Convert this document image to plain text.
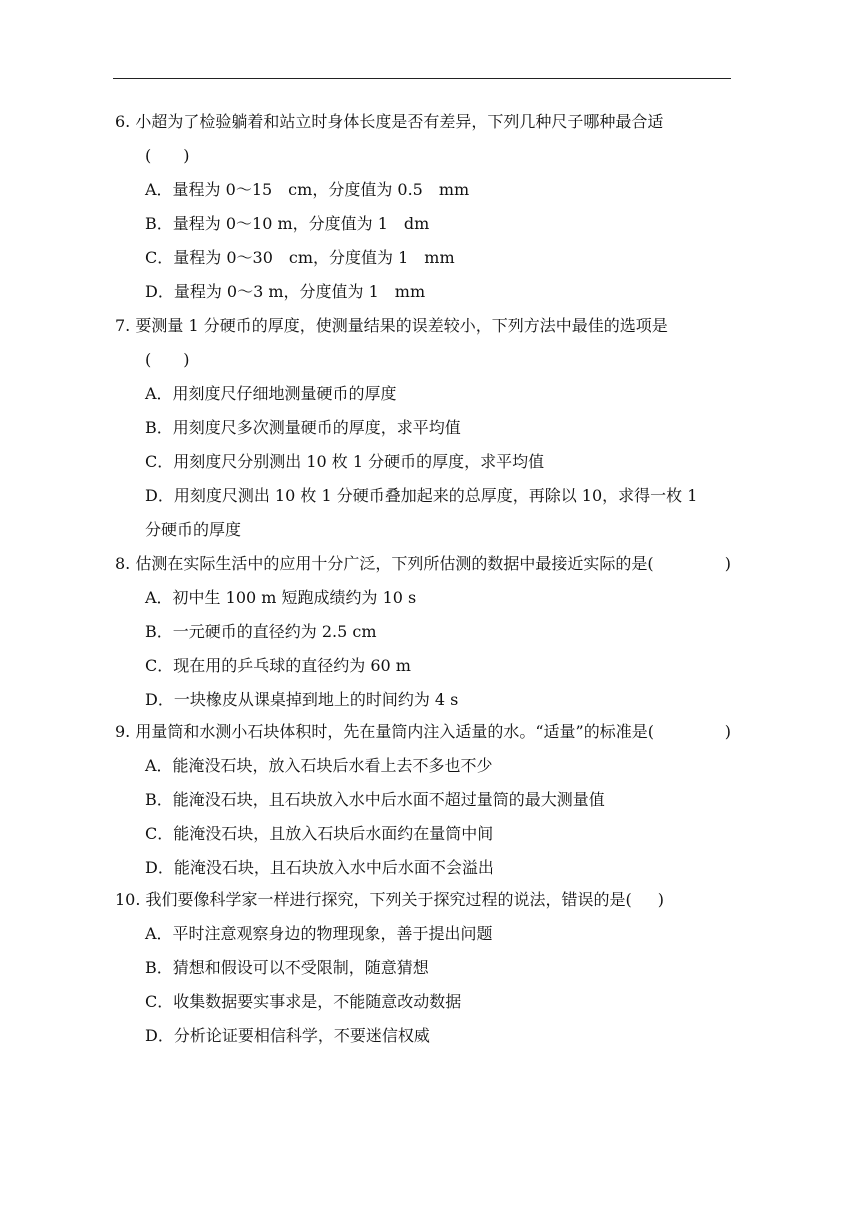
6. 小超为了检验躺着和站立时身体长度是否有差异，下列几种尺子哪种最合适
(　　)
A．量程为 0～15　cm，分度值为 0.5　mm
B．量程为 0～10 m，分度值为 1　dm
C．量程为 0～30　cm，分度值为 1　mm
D．量程为 0～3 m，分度值为 1　mm
7. 要测量 1 分硬币的厚度，使测量结果的误差较小，下列方法中最佳的选项是
(　　)
A．用刻度尺仔细地测量硬币的厚度
B．用刻度尺多次测量硬币的厚度，求平均值
C．用刻度尺分别测出 10 枚 1 分硬币的厚度，求平均值
D．用刻度尺测出 10 枚 1 分硬币叠加起来的总厚度，再除以 10，求得一枚 1
分硬币的厚度
8. 估测在实际生活中的应用十分广泛，下列所估测的数据中最接近实际的是(	)
A．初中生 100 m 短跑成绩约为 10 s
B．一元硬币的直径约为 2.5 cm
C．现在用的乒乓球的直径约为 60 m
D．一块橡皮从课桌掉到地上的时间约为 4 s
9. 用量筒和水测小石块体积时，先在量筒内注入适量的水。“适量”的标准是(	)
A．能淹没石块，放入石块后水看上去不多也不少
B．能淹没石块，且石块放入水中后水面不超过量筒的最大测量值
C．能淹没石块，且放入石块后水面约在量筒中间
D．能淹没石块，且石块放入水中后水面不会溢出
10. 我们要像科学家一样进行探究，下列关于探究过程的说法，错误的是( )
A．平时注意观察身边的物理现象，善于提出问题
B．猜想和假设可以不受限制，随意猜想
C．收集数据要实事求是，不能随意改动数据
D．分析论证要相信科学，不要迷信权威
